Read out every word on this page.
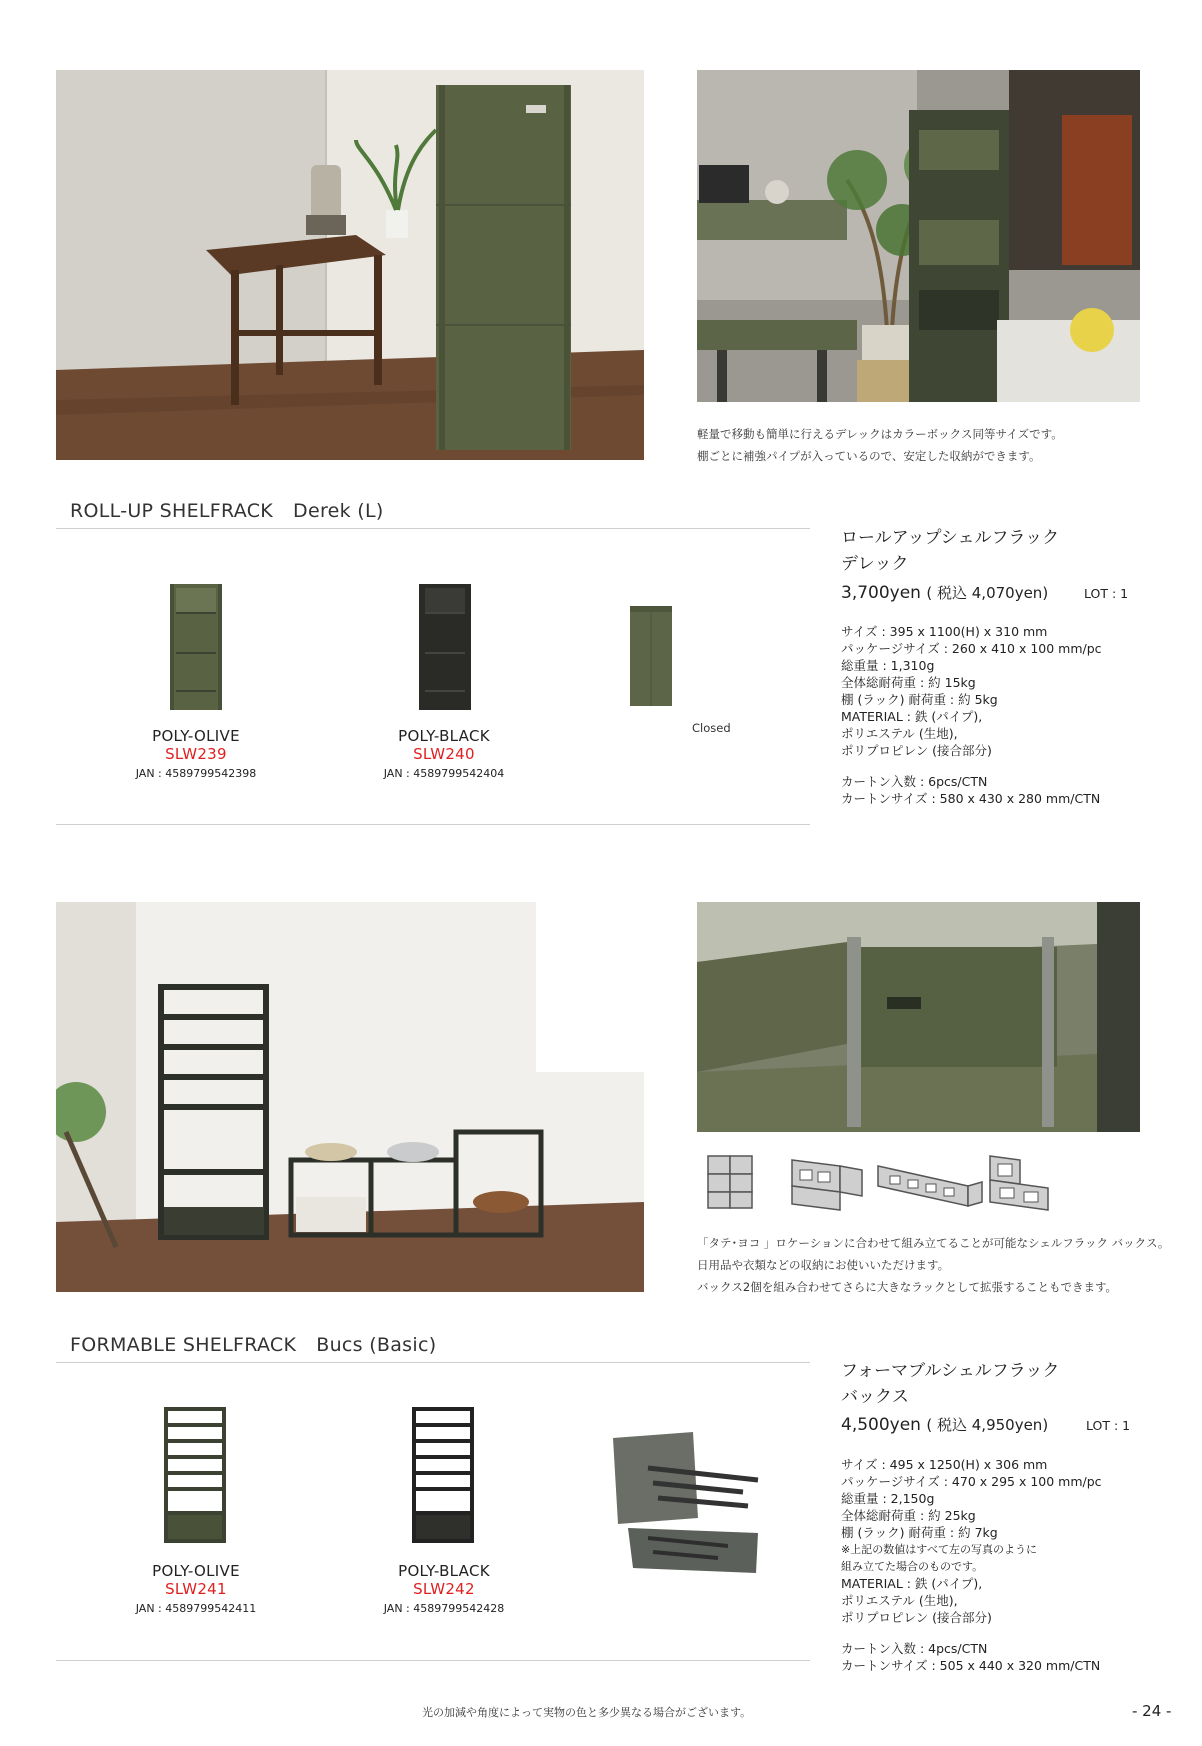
軽量で移動も簡単に行えるデレックはカラーボックス同等サイズです。
棚ごとに補強パイプが入っているので、安定した収納ができます。
ROLL-UP SHELFRACK Derek (L)
POLY-OLIVE
SLW239
JAN : 4589799542398
POLY-BLACK
SLW240
JAN : 4589799542404
Closed
ロールアップシェルフラック
デレック
3,700yen ( 税込 4,070yen)	LOT : 1
サイズ : 395 x 1100(H) x 310 mm
パッケージサイズ : 260 x 410 x 100 mm/pc
総重量 : 1,310g
全体総耐荷重 : 約 15kg
棚 (ラック) 耐荷重 : 約 5kg
MATERIAL : 鉄 (パイプ),
ポリエステル (生地),
ポリプロピレン (接合部分)
カートン入数 : 6pcs/CTN
カートンサイズ : 580 x 430 x 280 mm/CTN
「タテ･ヨコ 」ロケーションに合わせて組み立てることが可能なシェルフラック バックス。
日用品や衣類などの収納にお使いいただけます。
バックス2個を組み合わせてさらに大きなラックとして拡張することもできます。
FORMABLE SHELFRACK Bucs (Basic)
POLY-OLIVE
SLW241
JAN : 4589799542411
POLY-BLACK
SLW242
JAN : 4589799542428
フォーマブルシェルフラック
バックス
4,500yen ( 税込 4,950yen)	LOT : 1
サイズ : 495 x 1250(H) x 306 mm
パッケージサイズ : 470 x 295 x 100 mm/pc
総重量 : 2,150g
全体総耐荷重 : 約 25kg
棚 (ラック) 耐荷重 : 約 7kg
※上記の数値はすべて左の写真のように
組み立てた場合のものです。
MATERIAL : 鉄 (パイプ),
ポリエステル (生地),
ポリプロピレン (接合部分)
カートン入数 : 4pcs/CTN
カートンサイズ : 505 x 440 x 320 mm/CTN
光の加減や角度によって実物の色と多少異なる場合がございます。	- 24 -
